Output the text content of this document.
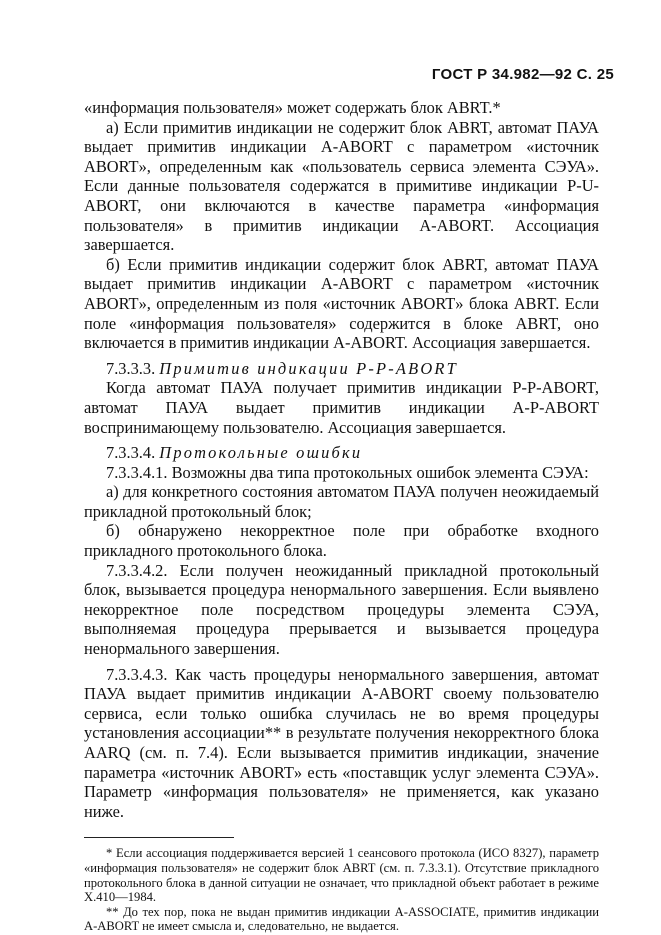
ГОСТ Р 34.982—92 С. 25

«информация пользователя» может содержать блок ABRT.*

а) Если примитив индикации не содержит блок ABRT, автомат ПАУА выдает примитив индикации A-ABORT с параметром «источник ABORT», определенным как «пользователь сервиса элемента СЭУА». Если данные пользователя содержатся в примитиве индикации P-U-ABORT, они включаются в качестве параметра «информация пользователя» в примитив индикации A-ABORT. Ассоциация завершается.

б) Если примитив индикации содержит блок ABRT, автомат ПАУА выдает примитив индикации A-ABORT с параметром «источник ABORT», определенным из поля «источник ABORT» блока ABRT. Если поле «информация пользователя» содержится в блоке ABRT, оно включается в примитив индикации A-ABORT. Ассоциация завершается.

7.3.3.3. Примитив индикации P-P-ABORT

Когда автомат ПАУА получает примитив индикации P-P-ABORT, автомат ПАУА выдает примитив индикации A-P-ABORT воспринимающему пользователю. Ассоциация завершается.

7.3.3.4. Протокольные ошибки

7.3.3.4.1. Возможны два типа протокольных ошибок элемента СЭУА:

а) для конкретного состояния автоматом ПАУА получен неожидаемый прикладной протокольный блок;

б) обнаружено некорректное поле при обработке входного прикладного протокольного блока.

7.3.3.4.2. Если получен неожиданный прикладной протокольный блок, вызывается процедура ненормального завершения. Если выявлено некорректное поле посредством процедуры элемента СЭУА, выполняемая процедура прерывается и вызывается процедура ненормального завершения.

7.3.3.4.3. Как часть процедуры ненормального завершения, автомат ПАУА выдает примитив индикации A-ABORT своему пользователю сервиса, если только ошибка случилась не во время процедуры установления ассоциации** в результате получения некорректного блока AARQ (см. п. 7.4). Если вызывается примитив индикации, значение параметра «источник ABORT» есть «поставщик услуг элемента СЭУА». Параметр «информация пользователя» не применяется, как указано ниже.

* Если ассоциация поддерживается версией 1 сеансового протокола (ИСО 8327), параметр «информация пользователя» не содержит блок ABRT (см. п. 7.3.3.1). Отсутствие прикладного протокольного блока в данной ситуации не означает, что прикладной объект работает в режиме X.410—1984.

** До тех пор, пока не выдан примитив индикации A-ASSOCIATE, примитив индикации A-ABORT не имеет смысла и, следовательно, не выдается.
